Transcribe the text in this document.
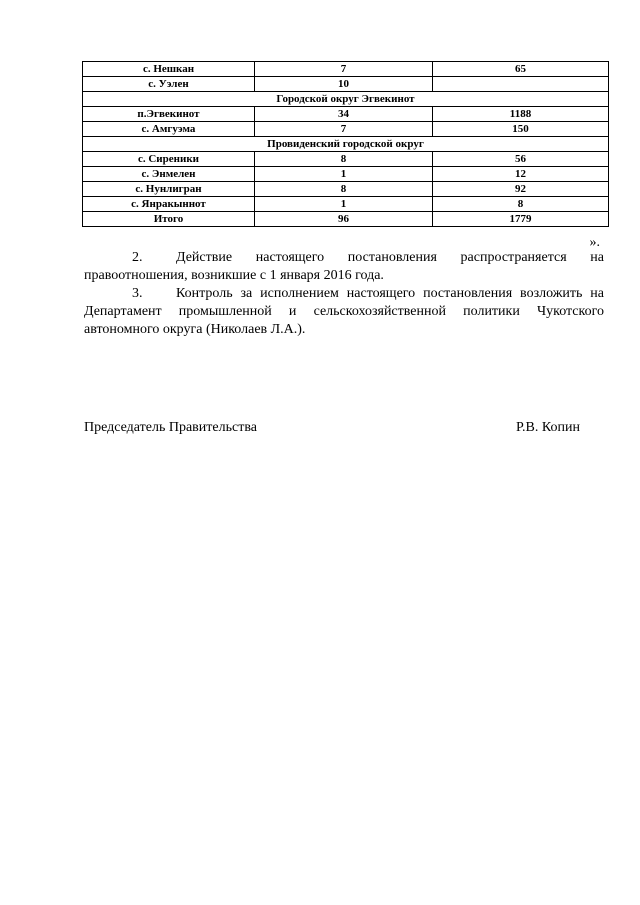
с. Нешкан	7	65
с. Уэлен	10	
Городской округ Эгвекинот		
п.Эгвекинот	34	1188
с. Амгуэма	7	150
Провиденский городской округ		
с. Сиреники	8	56
с. Энмелен	1	12
с. Нунлигран	8	92
с. Янракыннот	1	8
Итого	96	1779
».

2. Действие настоящего постановления распространяется на правоотношения, возникшие с 1 января 2016 года.

3. Контроль за исполнением настоящего постановления возложить на Департамент промышленной и сельскохозяйственной политики Чукотского автономного округа (Николаев Л.А.).

Председатель Правительства	Р.В. Копин
